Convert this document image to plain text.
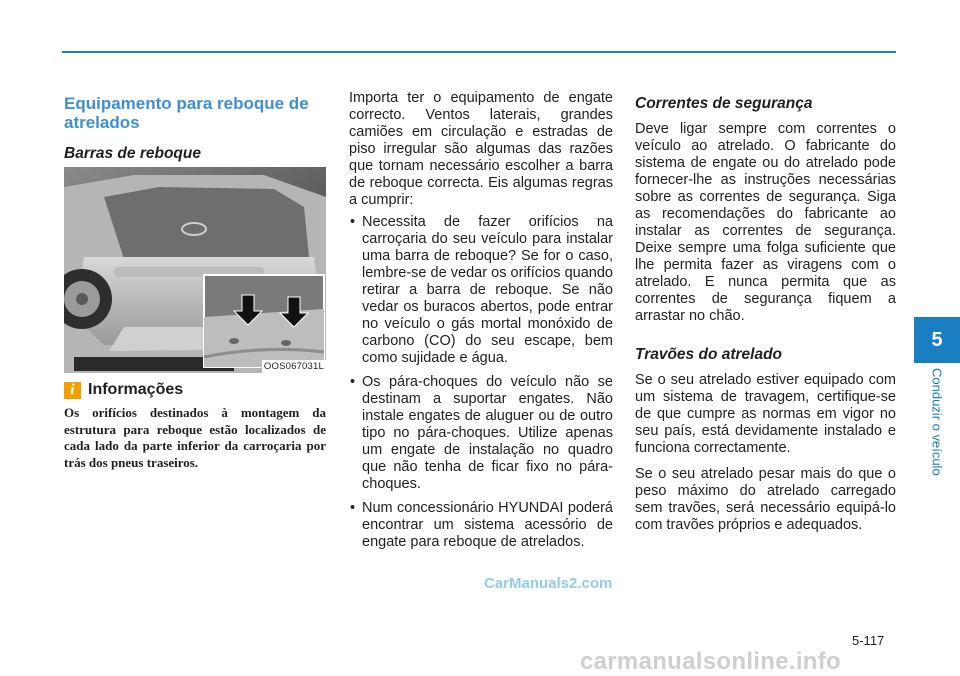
Equipamento para reboque de atrelados
Barras de reboque
OOS067031L
i Informações

Os orifícios destinados à montagem da estrutura para reboque estão localizados de cada lado da parte inferior da carroçaria por trás dos pneus traseiros.

Importa ter o equipamento de engate correcto. Ventos laterais, grandes camiões em circulação e estradas de piso irregular são algumas das razões que tornam necessário escolher a barra de reboque correcta. Eis algumas regras a cumprir:

• Necessita de fazer orifícios na carroçaria do seu veículo para instalar uma barra de reboque? Se for o caso, lembre-se de vedar os orifícios quando retirar a barra de reboque. Se não vedar os buracos abertos, pode entrar no veículo o gás mortal monóxido de carbono (CO) do seu escape, bem como sujidade e água.
• Os pára-choques do veículo não se destinam a suportar engates. Não instale engates de aluguer ou de outro tipo no pára-choques. Utilize apenas um engate de instalação no quadro que não tenha de ficar fixo no párachoques.
• Num concessionário HYUNDAI poderá encontrar um sistema acessório de engate para reboque de atrelados.
Correntes de segurança

Deve ligar sempre com correntes o veículo ao atrelado. O fabricante do sistema de engate ou do atrelado pode fornecer-lhe as instruções necessárias sobre as correntes de segurança. Siga as recomendações do fabricante ao instalar as correntes de segurança. Deixe sempre uma folga suficiente que lhe permita fazer as viragens com o atrelado. E nunca permita que as correntes de segurança fiquem a arrastar no chão.

Travões do atrelado

Se o seu atrelado estiver equipado com um sistema de travagem, certifique-se de que cumpre as normas em vigor no seu país, está devidamente instalado e funciona correctamente.

Se o seu atrelado pesar mais do que o peso máximo do atrelado carregado sem travões, será necessário equipá-lo com travões próprios e adequados.

5
Conduzir o veículo
5-117
CarManuals2.com
carmanualsonline.info
